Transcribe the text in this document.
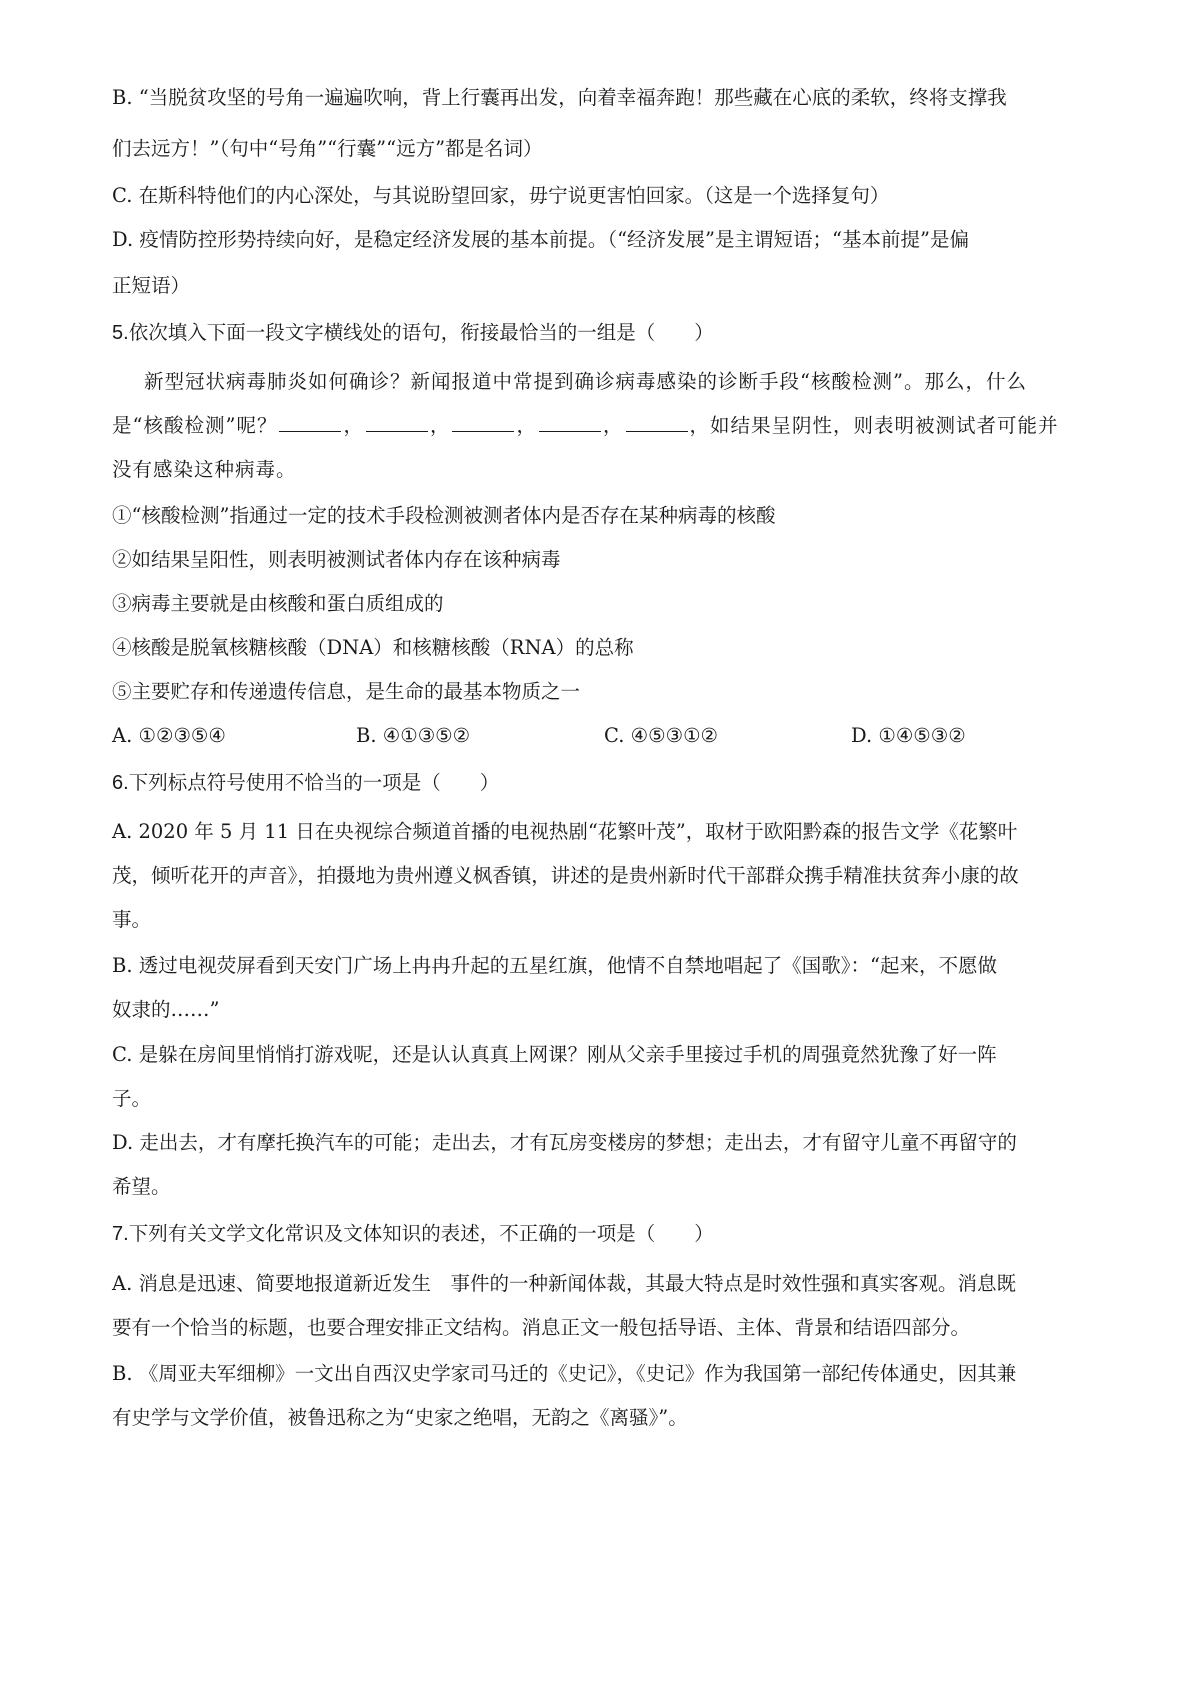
B. “当脱贫攻坚的号角一遍遍吹响，背上行囊再出发，向着幸福奔跑！那些藏在心底的柔软，终将支撑我
们去远方！”（句中“号角”“行囊”“远方”都是名词）
C. 在斯科特他们的内心深处，与其说盼望回家，毋宁说更害怕回家。（这是一个选择复句）
D. 疫情防控形势持续向好，是稳定经济发展的基本前提。（“经济发展”是主谓短语；“基本前提”是偏
正短语）
5.依次填入下面一段文字横线处的语句，衔接最恰当的一组是（　　）
新型冠状病毒肺炎如何确诊？新闻报道中常提到确诊病毒感染的诊断手段“核酸检测”。那么，什么
是“核酸检测”呢？	，	，	，	，	，如结果呈阴性，则表明被测试者可能并
没有感染这种病毒。
①“核酸检测”指通过一定的技术手段检测被测者体内是否存在某种病毒的核酸
②如结果呈阳性，则表明被测试者体内存在该种病毒
③病毒主要就是由核酸和蛋白质组成的
④核酸是脱氧核糖核酸（DNA）和核糖核酸（RNA）的总称
⑤主要贮存和传递遗传信息，是生命的最基本物质之一
A. ①②③⑤④	B. ④①③⑤②	C. ④⑤③①②	D. ①④⑤③②
6.下列标点符号使用不恰当的一项是（　　）
A. 2020 年 5 月 11 日在央视综合频道首播的电视热剧“花繁叶茂”，取材于欧阳黔森的报告文学《花繁叶
茂，倾听花开的声音》，拍摄地为贵州遵义枫香镇，讲述的是贵州新时代干部群众携手精准扶贫奔小康的故
事。
B. 透过电视荧屏看到天安门广场上冉冉升起的五星红旗，他情不自禁地唱起了《国歌》：“起来，不愿做
奴隶的……”
C. 是躲在房间里悄悄打游戏呢，还是认认真真上网课？刚从父亲手里接过手机的周强竟然犹豫了好一阵
子。
D. 走出去，才有摩托换汽车的可能；走出去，才有瓦房变楼房的梦想；走出去，才有留守儿童不再留守的
希望。
7.下列有关文学文化常识及文体知识的表述，不正确的一项是（　　）
A. 消息是迅速、简要地报道新近发生　事件的一种新闻体裁，其最大特点是时效性强和真实客观。消息既
要有一个恰当的标题，也要合理安排正文结构。消息正文一般包括导语、主体、背景和结语四部分。
B. 《周亚夫军细柳》一文出自西汉史学家司马迁的《史记》，《史记》作为我国第一部纪传体通史，因其兼
有史学与文学价值，被鲁迅称之为“史家之绝唱，无韵之《离骚》”。
